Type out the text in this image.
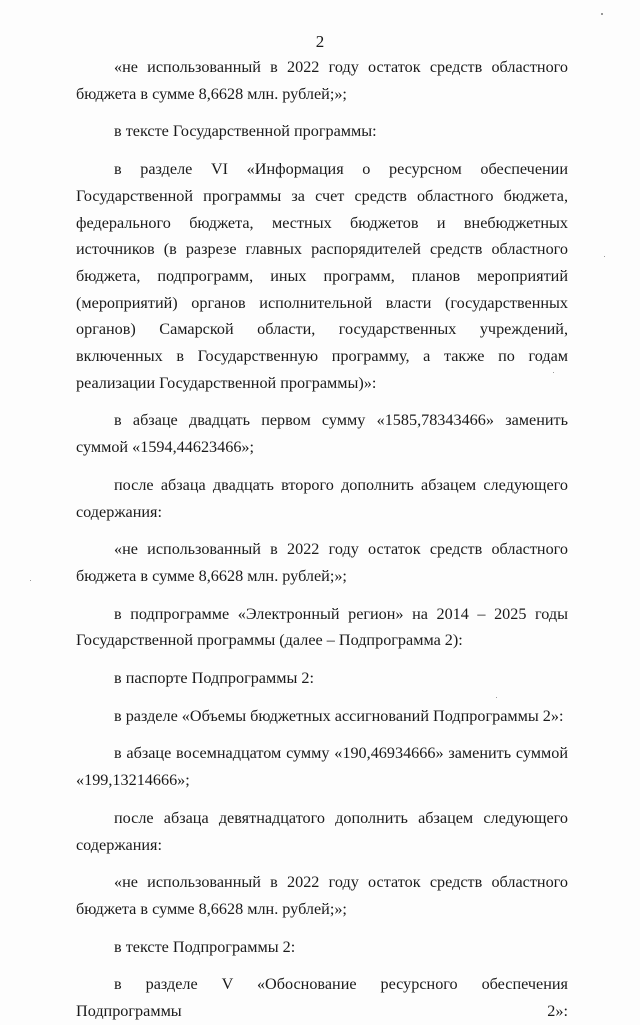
2

«не использованный в 2022 году остаток средств областного бюджета в сумме 8,6628 млн. рублей;»;

в тексте Государственной программы:

в разделе VI «Информация о ресурсном обеспечении Государственной программы за счет средств областного бюджета, федерального бюджета, местных бюджетов и внебюджетных источников (в разрезе главных распорядителей средств областного бюджета, подпрограмм, иных программ, планов мероприятий (мероприятий) органов исполнительной власти (государственных органов) Самарской области, государственных учреждений, включенных в Государственную программу, а также по годам реализации Государственной программы)»:

в абзаце двадцать первом сумму «1585,78343466» заменить суммой «1594,44623466»;

после абзаца двадцать второго дополнить абзацем следующего содержания:

«не использованный в 2022 году остаток средств областного бюджета в сумме 8,6628 млн. рублей;»;

в подпрограмме «Электронный регион» на 2014 – 2025 годы Государственной программы (далее – Подпрограмма 2):

в паспорте Подпрограммы 2:

в разделе «Объемы бюджетных ассигнований Подпрограммы 2»:

в абзаце восемнадцатом сумму «190,46934666» заменить суммой «199,13214666»;

после абзаца девятнадцатого дополнить абзацем следующего содержания:

«не использованный в 2022 году остаток средств областного бюджета в сумме 8,6628 млн. рублей;»;

в тексте Подпрограммы 2:

в разделе V «Обоснование ресурсного обеспечения Подпрограммы 2»:
